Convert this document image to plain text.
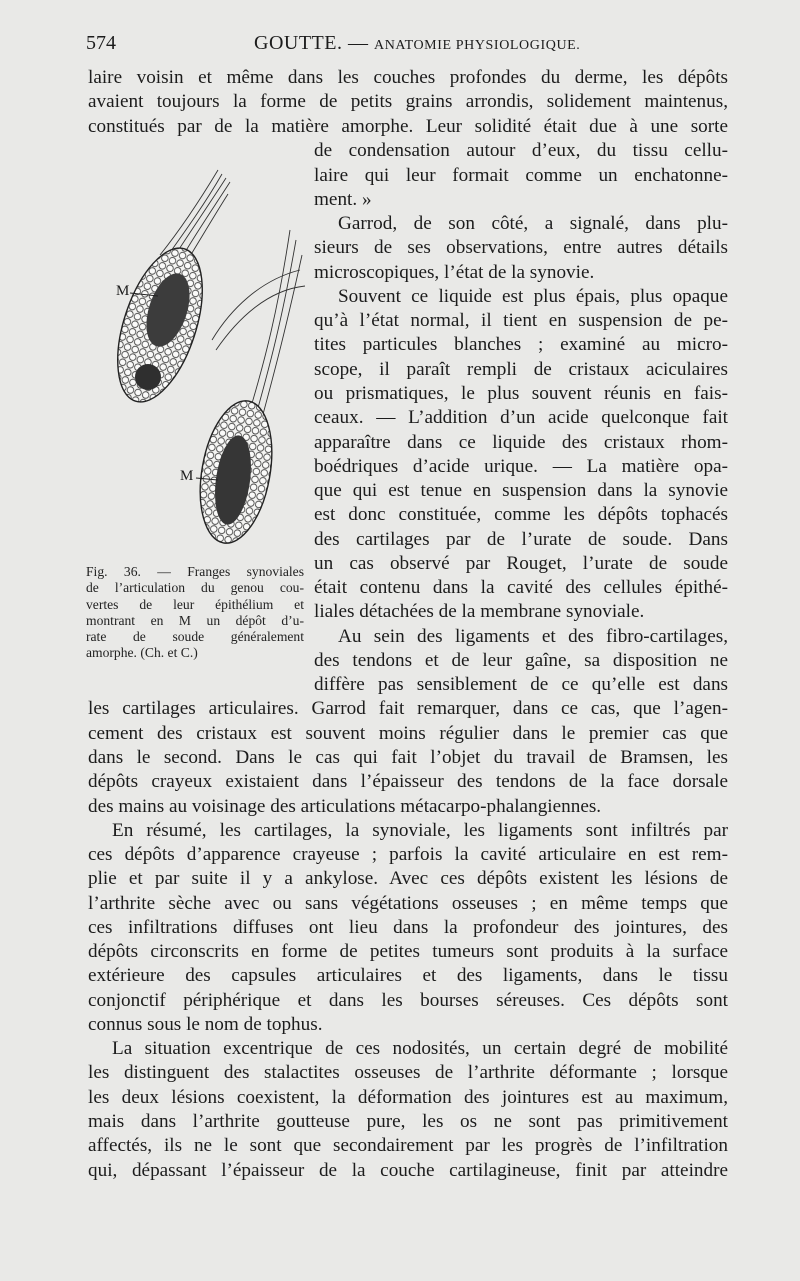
574	GOUTTE. — ANATOMIE PHYSIOLOGIQUE.
laire voisin et même dans les couches profondes du derme, les dépôts
avaient toujours la forme de petits grains arrondis, solidement maintenus,
constitués par de la matière amorphe. Leur solidité était due à une sorte
de condensation autour d’eux, du tissu cellu-
laire qui leur formait comme un enchatonne-
ment. »
Garrod, de son côté, a signalé, dans plu-
sieurs de ses observations, entre autres détails
microscopiques, l’état de la synovie.
Souvent ce liquide est plus épais, plus opaque
qu’à l’état normal, il tient en suspension de pe-
tites particules blanches ; examiné au micro-
scope, il paraît rempli de cristaux aciculaires
ou prismatiques, le plus souvent réunis en fais-
ceaux. — L’addition d’un acide quelconque fait
apparaître dans ce liquide des cristaux rhom-
boédriques d’acide urique. — La matière opa-
que qui est tenue en suspension dans la synovie
est donc constituée, comme les dépôts tophacés
des cartilages par de l’urate de soude. Dans
un cas observé par Rouget, l’urate de soude
était contenu dans la cavité des cellules épithé-
liales détachées de la membrane synoviale.
Au sein des ligaments et des fibro-cartilages,
des tendons et de leur gaîne, sa disposition ne
diffère pas sensiblement de ce qu’elle est dans
les cartilages articulaires. Garrod fait remarquer, dans ce cas, que l’agen-
cement des cristaux est souvent moins régulier dans le premier cas que
dans le second. Dans le cas qui fait l’objet du travail de Bramsen, les
dépôts crayeux existaient dans l’épaisseur des tendons de la face dorsale
des mains au voisinage des articulations métacarpo-phalangiennes.
En résumé, les cartilages, la synoviale, les ligaments sont infiltrés par
ces dépôts d’apparence crayeuse ; parfois la cavité articulaire en est rem-
plie et par suite il y a ankylose. Avec ces dépôts existent les lésions de
l’arthrite sèche avec ou sans végétations osseuses ; en même temps que
ces infiltrations diffuses ont lieu dans la profondeur des jointures, des
dépôts circonscrits en forme de petites tumeurs sont produits à la surface
extérieure des capsules articulaires et des ligaments, dans le tissu
conjonctif périphérique et dans les bourses séreuses. Ces dépôts sont
connus sous le nom de tophus.
La situation excentrique de ces nodosités, un certain degré de mobilité
les distinguent des stalactites osseuses de l’arthrite déformante ; lorsque
les deux lésions coexistent, la déformation des jointures est au maximum,
mais dans l’arthrite goutteuse pure, les os ne sont pas primitivement
affectés, ils ne le sont que secondairement par les progrès de l’infiltration
qui, dépassant l’épaisseur de la couche cartilagineuse, finit par atteindre
M
M
Fig. 36. — Franges synoviales
de l’articulation du genou cou-
vertes de leur épithélium et
montrant en M un dépôt d’u-
rate de soude généralement
amorphe. (Ch. et C.)
